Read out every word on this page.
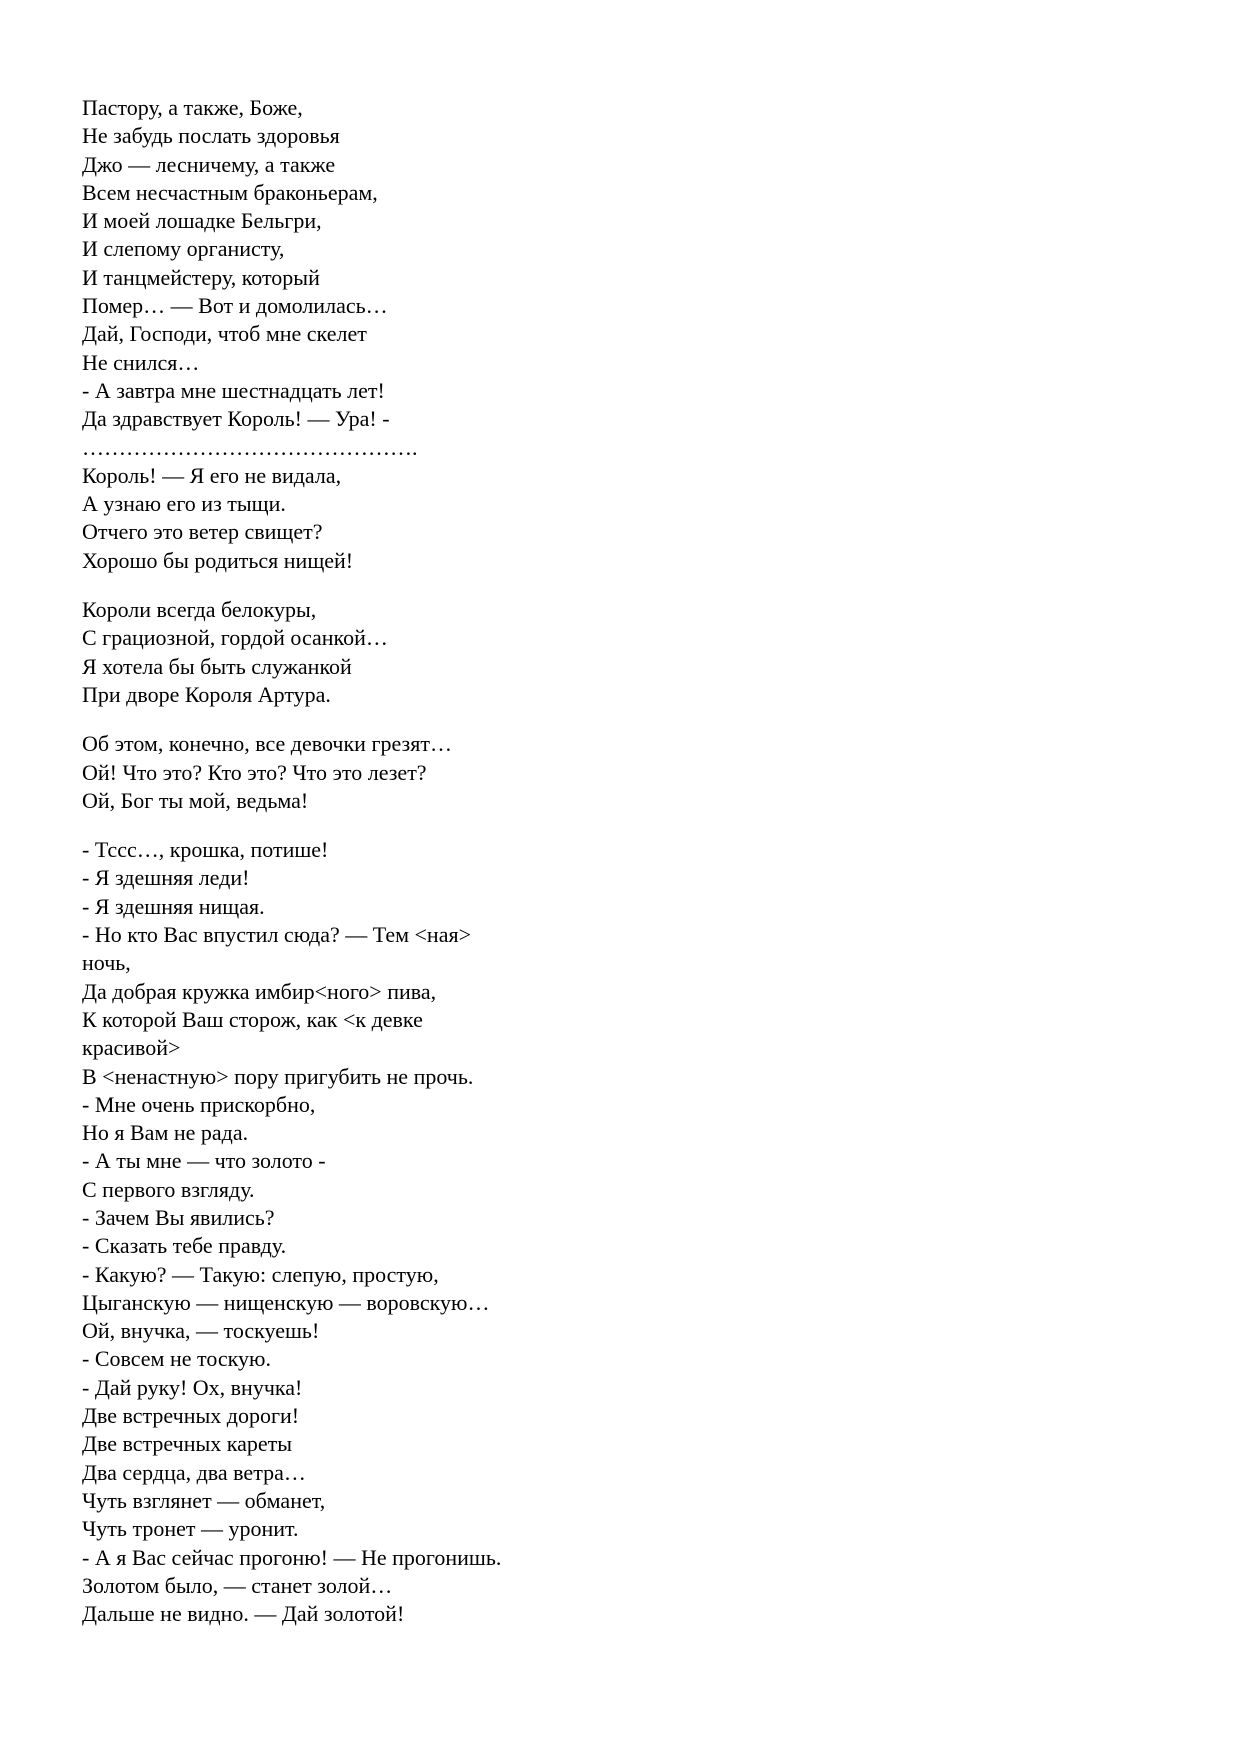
Пастору, а также, Боже,
Не забудь послать здоровья
Джо — лесничему, а также
Всем несчастным браконьерам,
И моей лошадке Бельгри,
И слепому органисту,
И танцмейстеру, который
Помер… — Вот и домолилась…
Дай, Господи, чтоб мне скелет
Не снился…
- А завтра мне шестнадцать лет!
Да здравствует Король! — Ура! -
……………………………………….
Король! — Я его не видала,
А узнаю его из тыщи.
Отчего это ветер свищет?
Хорошо бы родиться нищей!
Короли всегда белокуры,
С грациозной, гордой осанкой…
Я хотела бы быть служанкой
При дворе Короля Артура.
Об этом, конечно, все девочки грезят…
Ой! Что это? Кто это? Что это лезет?
Ой, Бог ты мой, ведьма!
- Тссс…, крошка, потише!
- Я здешняя леди!
- Я здешняя нищая.
- Но кто Вас впустил сюда? — Тем <ная>
ночь,
Да добрая кружка имбир<ного> пива,
К которой Ваш сторож, как <к девке
красивой>
В <ненастную> пору пригубить не прочь.
- Мне очень прискорбно,
Но я Вам не рада.
- А ты мне — что золото -
С первого взгляду.
- Зачем Вы явились?
- Сказать тебе правду.
- Какую? — Такую: слепую, простую,
Цыганскую — нищенскую — воровскую…
Ой, внучка, — тоскуешь!
- Совсем не тоскую.
- Дай руку! Ох, внучка!
Две встречных дороги!
Две встречных кареты
Два сердца, два ветра…
Чуть взглянет — обманет,
Чуть тронет — уронит.
- А я Вас сейчас прогоню! — Не прогонишь.
Золотом было, — станет золой…
Дальше не видно. — Дай золотой!
